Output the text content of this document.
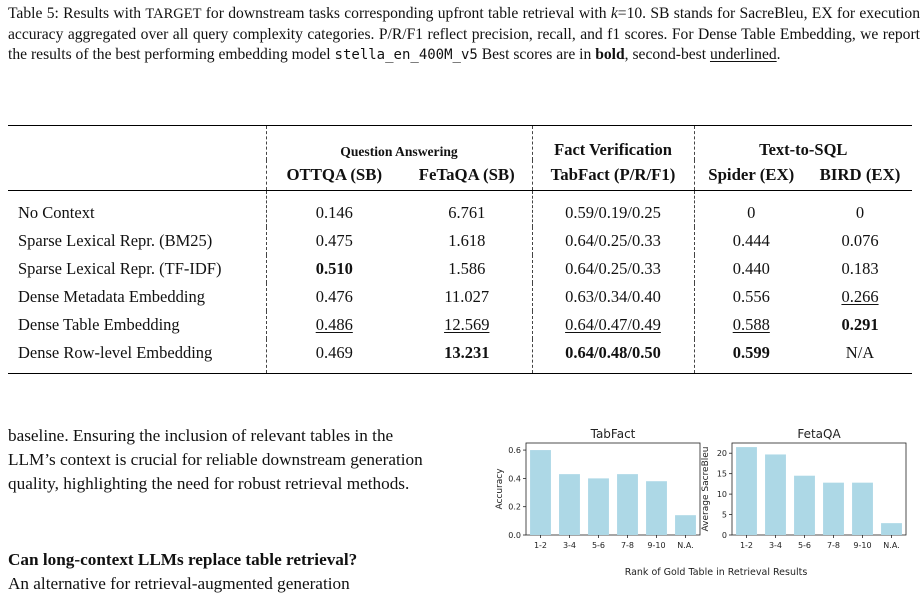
Table 5: Results with TARGET for downstream tasks corresponding upfront table retrieval with k=10. SB stands for SacreBleu, EX for execution accuracy aggregated over all query complexity categories. P/R/F1 reflect precision, recall, and f1 scores. For Dense Table Embedding, we report the results of the best performing embedding model stella_en_400M_v5 Best scores are in bold, second-best underlined.
	Question Answering		Fact Verification	Text-to-SQL	
	OTTQA (SB)	FeTaQA (SB)	TabFact (P/R/F1)	Spider (EX)	BIRD (EX)
No Context	0.146	6.761	0.59/0.19/0.25	0	0
Sparse Lexical Repr. (BM25)	0.475	1.618	0.64/0.25/0.33	0.444	0.076
Sparse Lexical Repr. (TF-IDF)	0.510	1.586	0.64/0.25/0.33	0.440	0.183
Dense Metadata Embedding	0.476	11.027	0.63/0.34/0.40	0.556	0.266
Dense Table Embedding	0.486	12.569	0.64/0.47/0.49	0.588	0.291
Dense Row-level Embedding	0.469	13.231	0.64/0.48/0.50	0.599	N/A
baseline. Ensuring the inclusion of relevant tables in the LLM’s context is crucial for reliable downstream generation quality, highlighting the need for robust retrieval methods.
Can long-context LLMs replace table retrieval?
An alternative for retrieval-augmented generation
TabFact
1-2 3-4 5-6 7-8 9-10 N.A.
0.0
0.2
0.4
0.6
Accuracy
FetaQA
1-2 3-4 5-6 7-8 9-10 N.A.
0
5
10
15
20
Average SacreBleu
Rank of Gold Table in Retrieval Results
